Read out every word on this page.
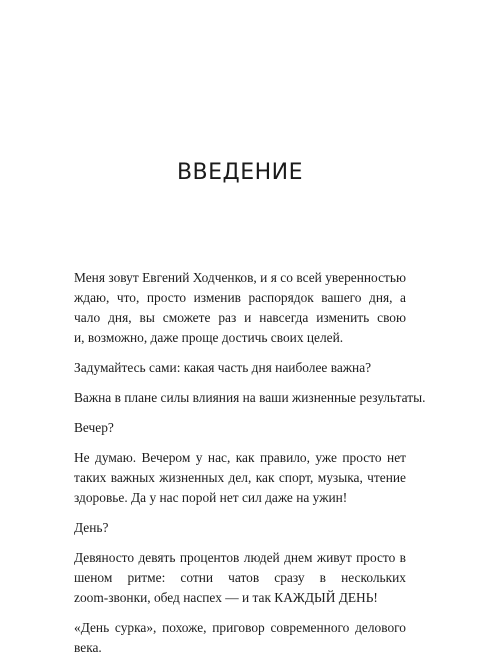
ВВЕДЕНИЕ

Меня зовут Евгений Ходченков, и я со всей уверенностью
ждаю, что, просто изменив распорядок вашего дня, а
чало дня, вы сможете раз и навсегда изменить свою
и, возможно, даже проще достичь своих целей.

Задумайтесь сами: какая часть дня наиболее важна?

Важна в плане силы влияния на ваши жизненные результаты.

Вечер?

Не думаю. Вечером у нас, как правило, уже просто нет
таких важных жизненных дел, как спорт, музыка, чтение
здоровье. Да у нас порой нет сил даже на ужин!

День?

Девяносто девять процентов людей днем живут просто в
шеном ритме: сотни чатов сразу в нескольких
zoom-звонки, обед наспех — и так КАЖДЫЙ ДЕНЬ!

«День сурка», похоже, приговор современного делового
века.
